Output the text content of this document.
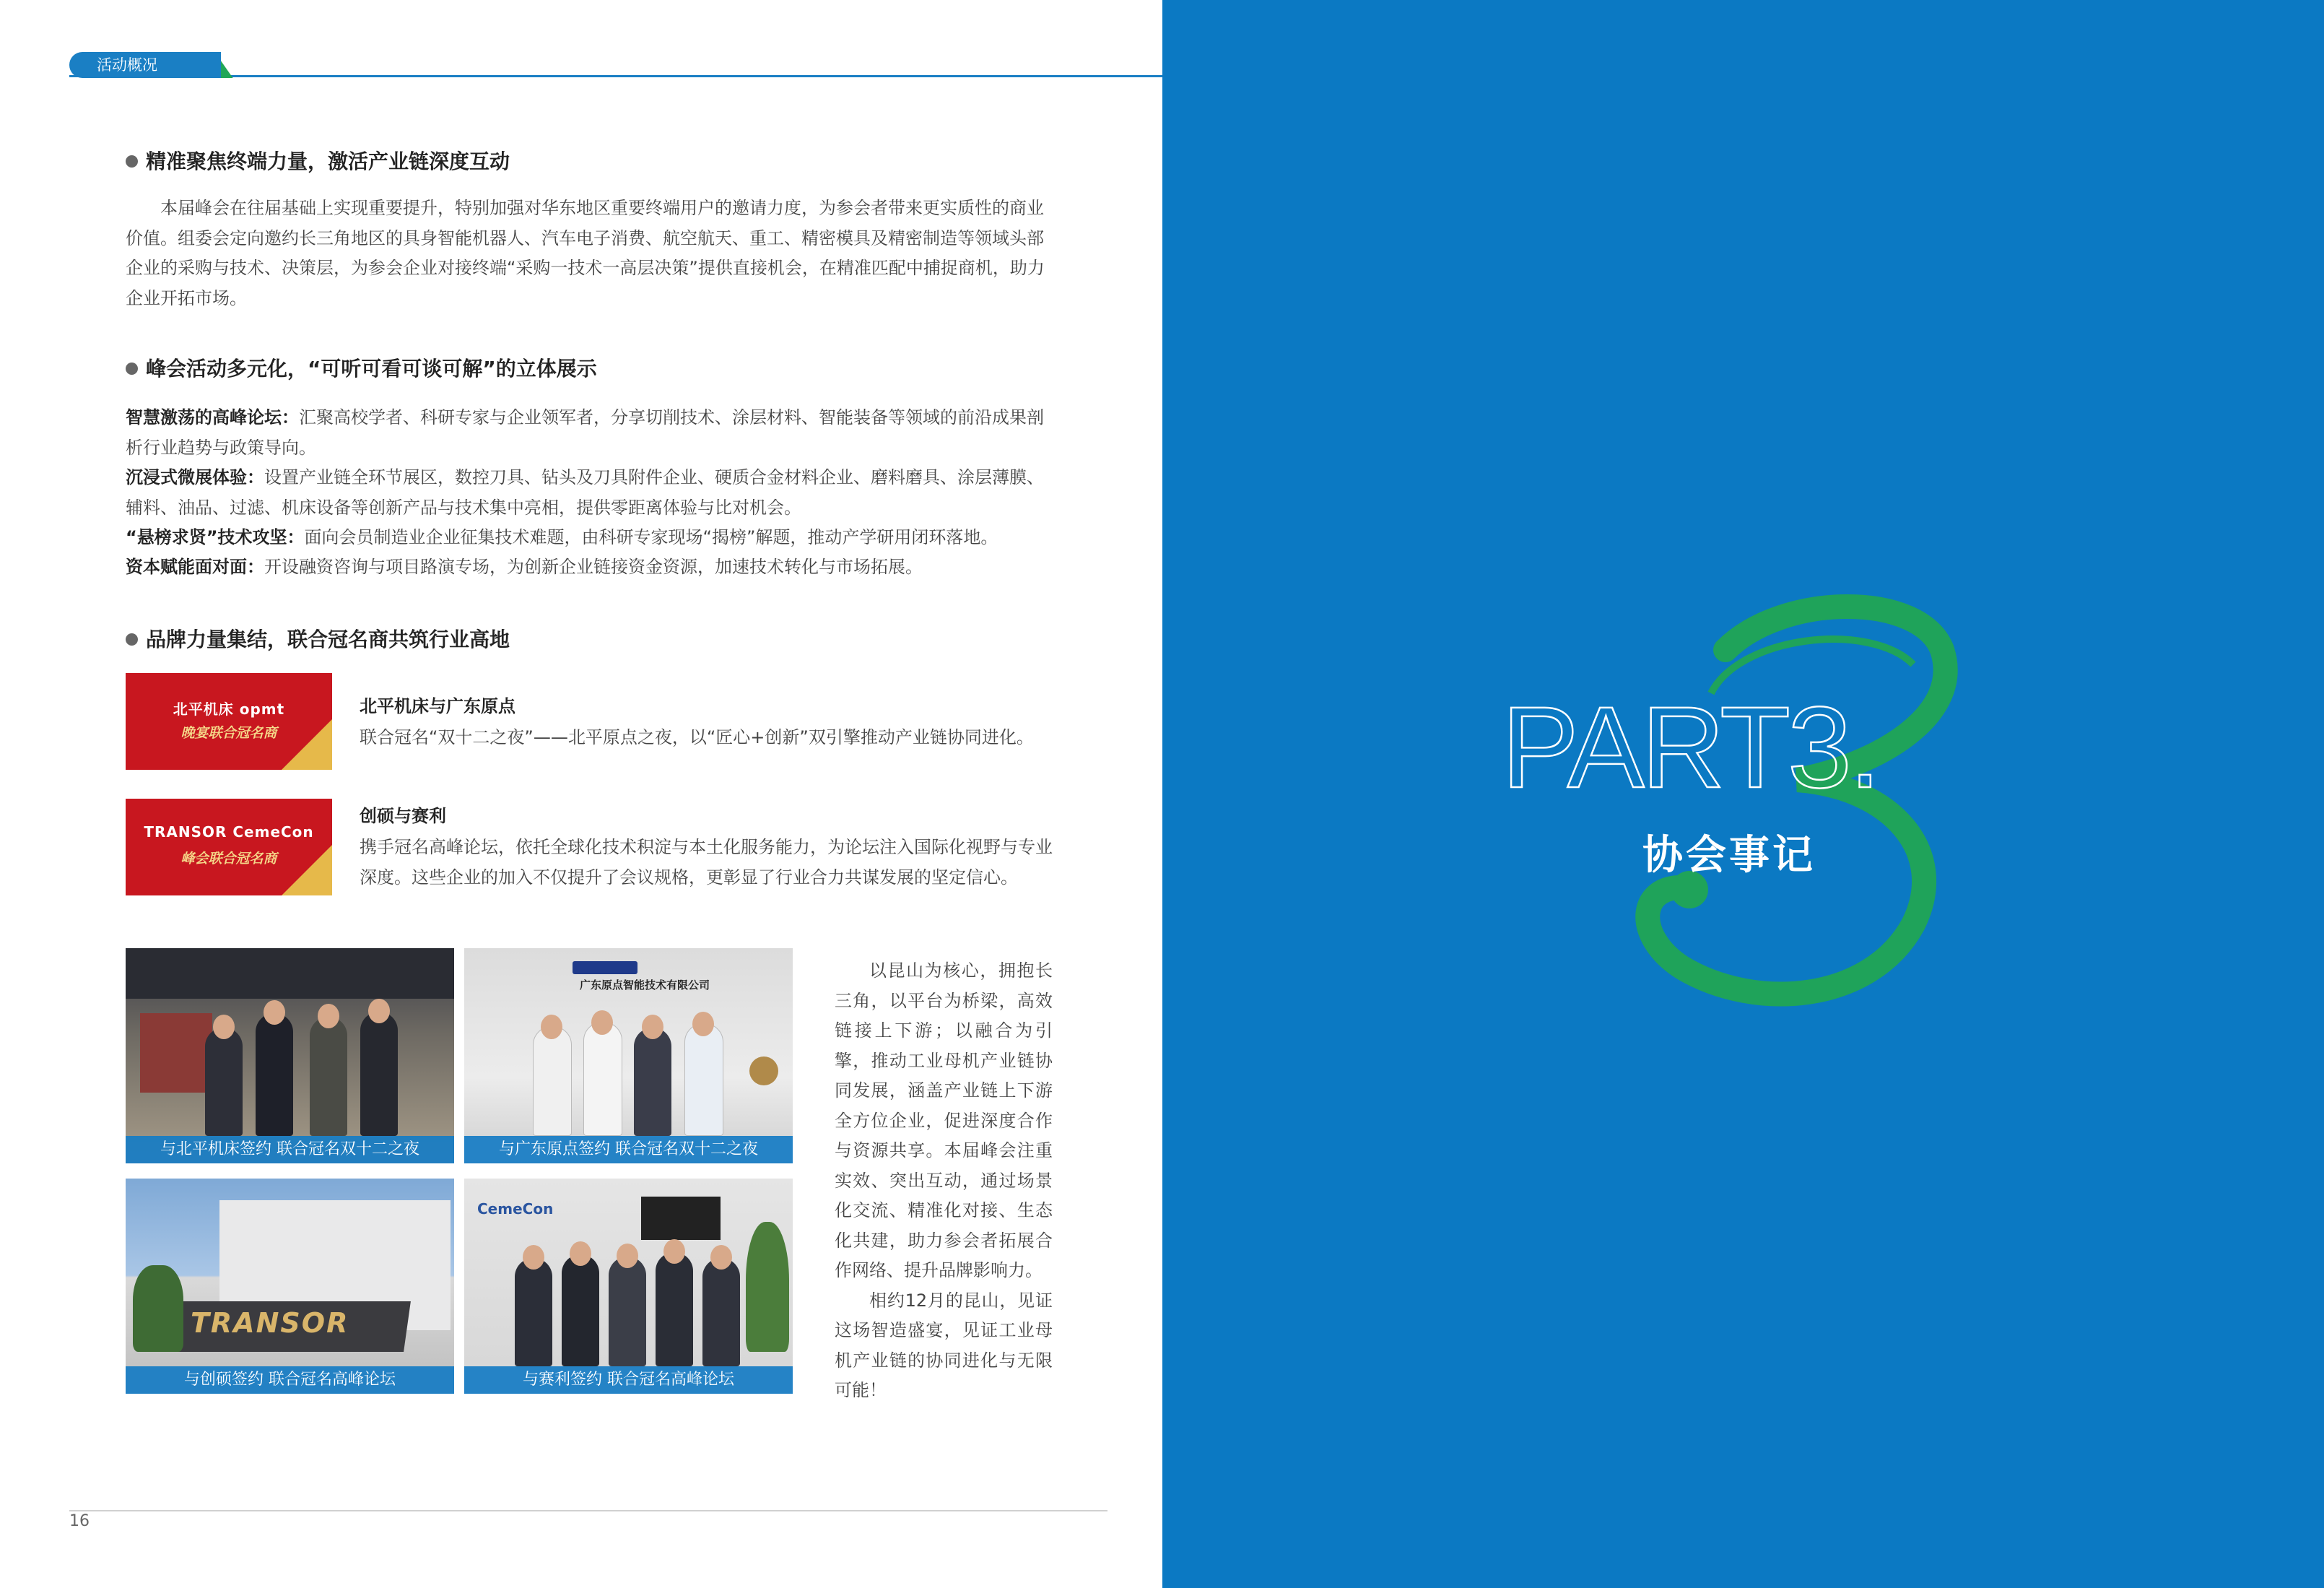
活动概况
精准聚焦终端力量，激活产业链深度互动
本届峰会在往届基础上实现重要提升，特别加强对华东地区重要终端用户的邀请力度，为参会者带来更实质性的商业价值。组委会定向邀约长三角地区的具身智能机器人、汽车电子消费、航空航天、重工、精密模具及精密制造等领域头部企业的采购与技术、决策层，为参会企业对接终端“采购一技术一高层决策”提供直接机会，在精准匹配中捕捉商机，助力企业开拓市场。
峰会活动多元化，“可听可看可谈可解”的立体展示
智慧激荡的高峰论坛：汇聚高校学者、科研专家与企业领军者，分享切削技术、涂层材料、智能装备等领域的前沿成果剖析行业趋势与政策导向。
沉浸式微展体验：设置产业链全环节展区，数控刀具、钻头及刀具附件企业、硬质合金材料企业、磨料磨具、涂层薄膜、辅料、油品、过滤、机床设备等创新产品与技术集中亮相，提供零距离体验与比对机会。
“悬榜求贤”技术攻坚：面向会员制造业企业征集技术难题，由科研专家现场“揭榜”解题，推动产学研用闭环落地。
资本赋能面对面：开设融资咨询与项目路演专场，为创新企业链接资金资源，加速技术转化与市场拓展。
品牌力量集结，联合冠名商共筑行业高地
北平机床 opmt
晚宴联合冠名商
北平机床与广东原点
联合冠名“双十二之夜”——北平原点之夜，以“匠心+创新”双引擎推动产业链协同进化。
TRANSOR CemeCon
峰会联合冠名商
创硕与赛利
携手冠名高峰论坛，依托全球化技术积淀与本土化服务能力，为论坛注入国际化视野与专业深度。这些企业的加入不仅提升了会议规格，更彰显了行业合力共谋发展的坚定信心。
与北平机床签约 联合冠名双十二之夜
广东原点智能技术有限公司
与广东原点签约 联合冠名双十二之夜
TRANSOR
与创硕签约 联合冠名高峰论坛
CemeCon
与赛利签约 联合冠名高峰论坛

以昆山为核心，拥抱长三角，以平台为桥梁，高效链接上下游；以融合为引擎，推动工业母机产业链协同发展，涵盖产业链上下游全方位企业，促进深度合作与资源共享。本届峰会注重实效、突出互动，通过场景化交流、精准化对接、生态化共建，助力参会者拓展合作网络、提升品牌影响力。

相约12月的昆山，见证这场智造盛宴，见证工业母机产业链的协同进化与无限可能！

16
PART3.
协会事记
